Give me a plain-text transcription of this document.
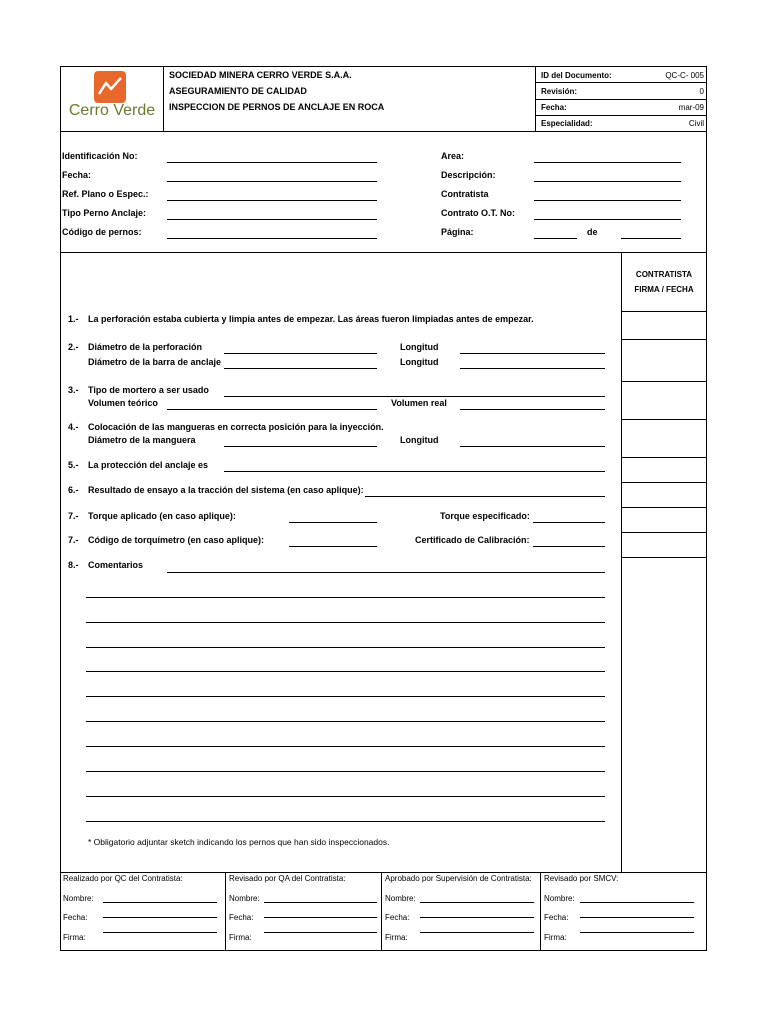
Cerro Verde
SOCIEDAD MINERA CERRO VERDE S.A.A.
ASEGURAMIENTO DE CALIDAD
INSPECCION DE PERNOS DE ANCLAJE EN ROCA
ID del Documento:	QC-C- 005
Revisión:	0
Fecha:	mar-09
Especialidad:	Civil
Identificación No:
Fecha:
Ref. Plano o Espec.:
Tipo Perno Anclaje:
Código de pernos:
Area:
Descripción:
Contratista
Contrato O.T. No:
Página:	de
CONTRATISTA
FIRMA / FECHA
1.- La perforación estaba cubierta y limpia antes de empezar. Las áreas fueron limpiadas antes de empezar.
2.- Diámetro de la perforación	Longitud
Diámetro de la barra de anclaje	Longitud
3.- Tipo de mortero a ser usado
Volumen teórico	Volumen real
4.- Colocación de las mangueras en correcta posición para la inyección.
Diámetro de la manguera	Longitud
5.- La protección del anclaje es
6.- Resultado de ensayo a la tracción del sistema (en caso aplique):
7.- Torque aplicado (en caso aplique):	Torque especificado:
7.- Código de torquímetro (en caso aplique):	Certificado de Calibración:
8.- Comentarios
* Obligatorio adjuntar sketch indicando los pernos que han sido inspeccionados.
Realizado por QC del Contratista:
Nombre:
Fecha:
Firma:
Revisado por QA del Contratista:
Nombre:
Fecha:
Firma:
Aprobado por Supervisión de Contratista:
Nombre:
Fecha:
Firma:
Revisado por SMCV:
Nombre:
Fecha:
Firma:
